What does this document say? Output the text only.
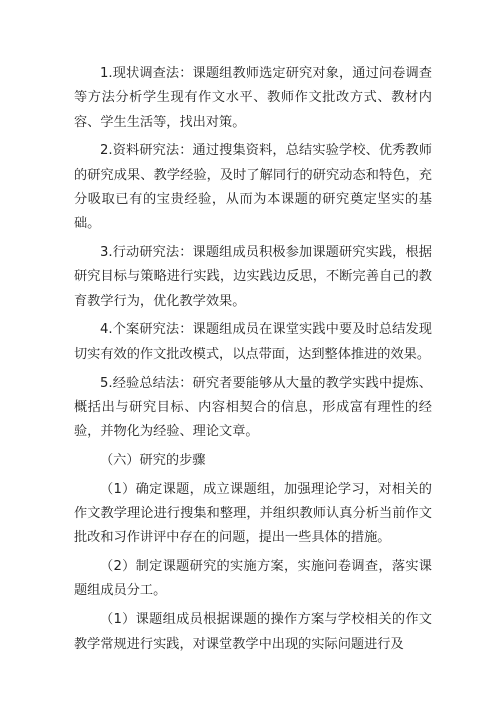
1.现状调查法：课题组教师选定研究对象，通过问卷调查等方法分析学生现有作文水平、教师作文批改方式、教材内容、学生生活等，找出对策。

2.资料研究法：通过搜集资料，总结实验学校、优秀教师的研究成果、教学经验，及时了解同行的研究动态和特色，充分吸取已有的宝贵经验，从而为本课题的研究奠定坚实的基础。

3.行动研究法：课题组成员积极参加课题研究实践，根据研究目标与策略进行实践，边实践边反思，不断完善自己的教育教学行为，优化教学效果。

4.个案研究法：课题组成员在课堂实践中要及时总结发现切实有效的作文批改模式，以点带面，达到整体推进的效果。

5.经验总结法：研究者要能够从大量的教学实践中提炼、概括出与研究目标、内容相契合的信息，形成富有理性的经验，并物化为经验、理论文章。

（六）研究的步骤

（1）确定课题，成立课题组，加强理论学习，对相关的作文教学理论进行搜集和整理，并组织教师认真分析当前作文批改和习作讲评中存在的问题，提出一些具体的措施。

（2）制定课题研究的实施方案，实施问卷调查，落实课题组成员分工。

（1）课题组成员根据课题的操作方案与学校相关的作文教学常规进行实践，对课堂教学中出现的实际问题进行及
